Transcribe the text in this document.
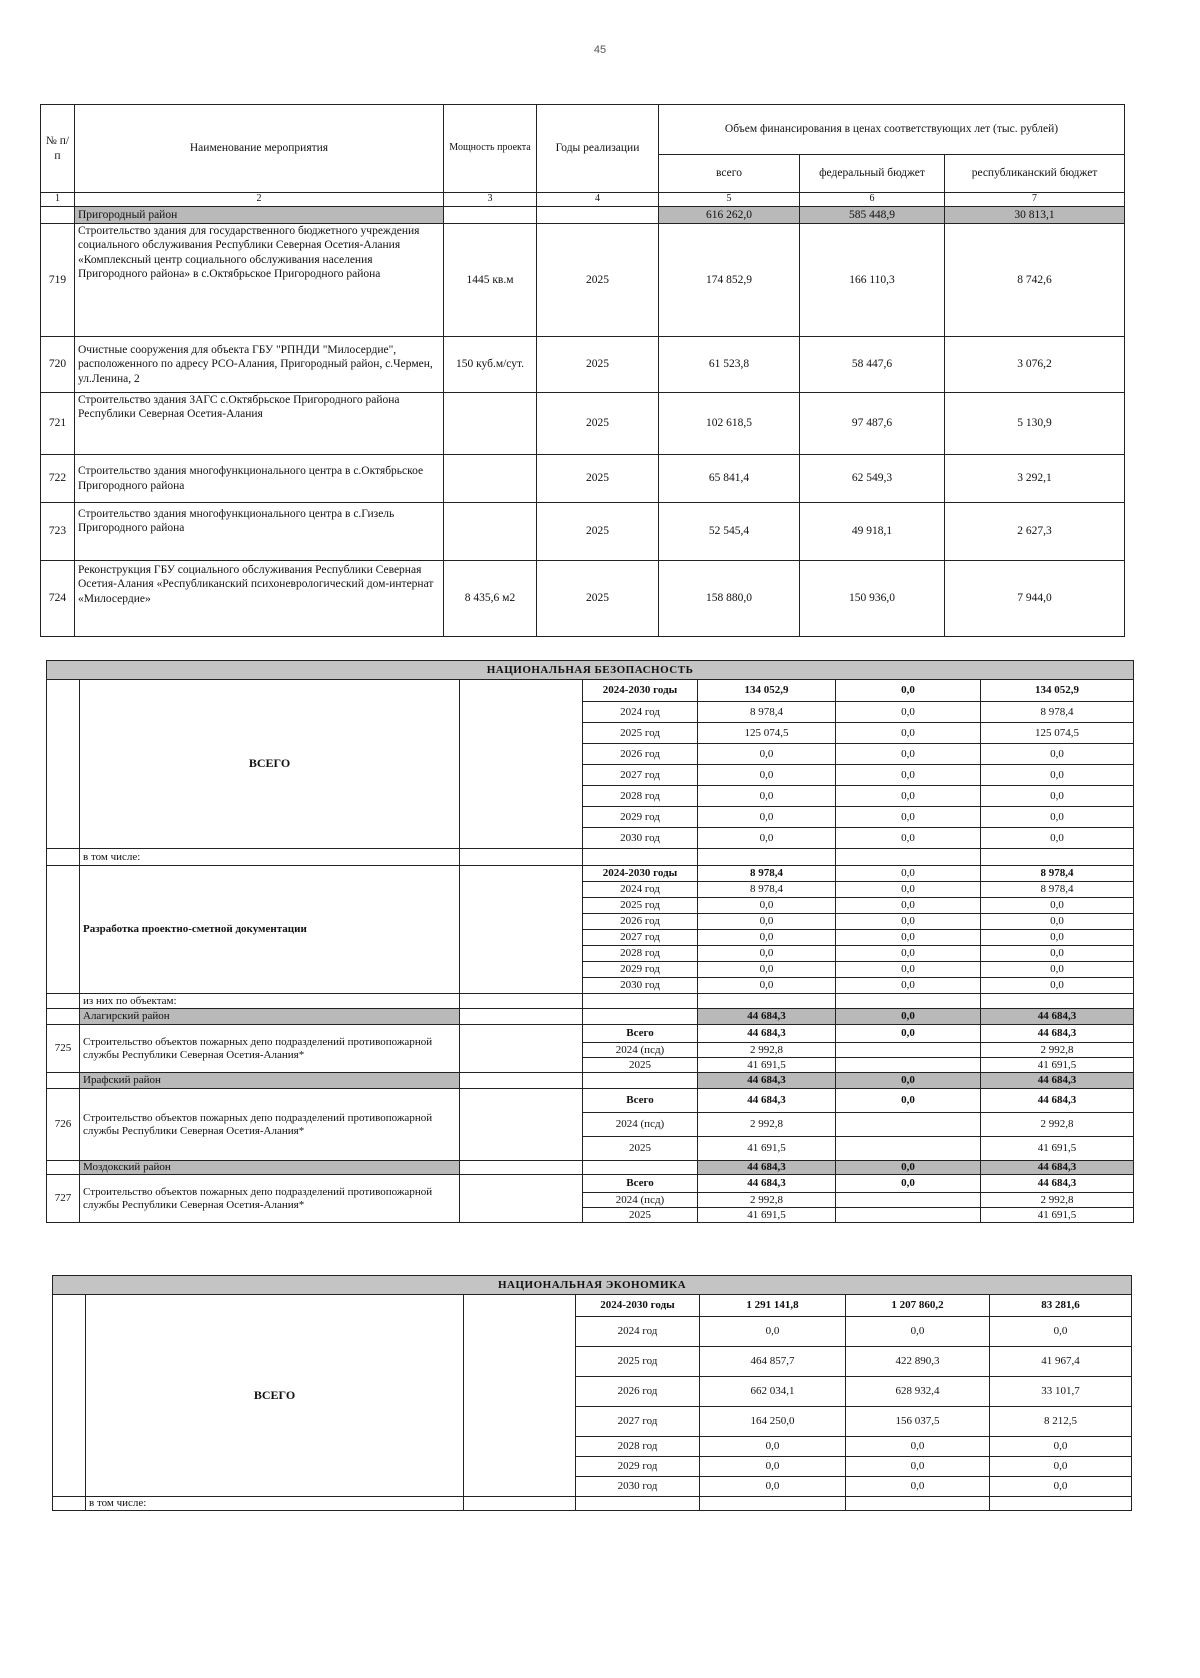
45
№ п/п	Наименование мероприятия	Мощность проекта	Годы реализации	Объем финансирования в ценах соответствующих лет (тыс. рублей)		
				всего	федеральный бюджет	республиканский бюджет
1	2	3	4	5	6	7
	Пригородный район			616 262,0	585 448,9	30 813,1
719	Строительство здания для государственного бюджетного учреждения социального обслуживания Республики Северная Осетия-Алания «Комплексный центр социального обслуживания населения Пригородного района» в с.Октябрьское Пригородного района	1445 кв.м	2025	174 852,9	166 110,3	8 742,6
720	Очистные сооружения для объекта ГБУ "РПНДИ "Милосердие", расположенного по адресу РСО-Алания, Пригородный район, с.Чермен, ул.Ленина, 2	150 куб.м/сут.	2025	61 523,8	58 447,6	3 076,2
721	Строительство здания ЗАГС с.Октябрьское Пригородного района Республики Северная Осетия-Алания		2025	102 618,5	97 487,6	5 130,9
722	Строительство здания многофункционального центра в с.Октябрьское Пригородного района		2025	65 841,4	62 549,3	3 292,1
723	Строительство здания многофункционального центра в с.Гизель Пригородного района		2025	52 545,4	49 918,1	2 627,3
724	Реконструкция ГБУ социального обслуживания Республики Северная Осетия-Алания «Республиканский психоневрологический дом-интернат «Милосердие»	8 435,6 м2	2025	158 880,0	150 936,0	7 944,0
НАЦИОНАЛЬНАЯ БЕЗОПАСНОСТЬ						
	ВСЕГО		2024-2030 годы	134 052,9	0,0	134 052,9
			2024 год	8 978,4	0,0	8 978,4
			2025 год	125 074,5	0,0	125 074,5
			2026 год	0,0	0,0	0,0
			2027 год	0,0	0,0	0,0
			2028 год	0,0	0,0	0,0
			2029 год	0,0	0,0	0,0
			2030 год	0,0	0,0	0,0
	в том числе:					
	Разработка проектно-сметной документации		2024-2030 годы	8 978,4	0,0	8 978,4
			2024 год	8 978,4	0,0	8 978,4
			2025 год	0,0	0,0	0,0
			2026 год	0,0	0,0	0,0
			2027 год	0,0	0,0	0,0
			2028 год	0,0	0,0	0,0
			2029 год	0,0	0,0	0,0
			2030 год	0,0	0,0	0,0
	из них по объектам:					
	Алагирский район			44 684,3	0,0	44 684,3
725	Строительство объектов пожарных депо подразделений противопожарной службы Республики Северная Осетия-Алания*		Всего	44 684,3	0,0	44 684,3
			2024 (псд)	2 992,8		2 992,8
			2025	41 691,5		41 691,5
	Ирафский район			44 684,3	0,0	44 684,3
726	Строительство объектов пожарных депо подразделений противопожарной службы Республики Северная Осетия-Алания*		Всего	44 684,3	0,0	44 684,3
			2024 (псд)	2 992,8		2 992,8
			2025	41 691,5		41 691,5
	Моздокский район			44 684,3	0,0	44 684,3
727	Строительство объектов пожарных депо подразделений противопожарной службы Республики Северная Осетия-Алания*		Всего	44 684,3	0,0	44 684,3
			2024 (псд)	2 992,8		2 992,8
			2025	41 691,5		41 691,5
НАЦИОНАЛЬНАЯ ЭКОНОМИКА						
	ВСЕГО		2024-2030 годы	1 291 141,8	1 207 860,2	83 281,6
			2024 год	0,0	0,0	0,0
			2025 год	464 857,7	422 890,3	41 967,4
			2026 год	662 034,1	628 932,4	33 101,7
			2027 год	164 250,0	156 037,5	8 212,5
			2028 год	0,0	0,0	0,0
			2029 год	0,0	0,0	0,0
			2030 год	0,0	0,0	0,0
	в том числе:					
